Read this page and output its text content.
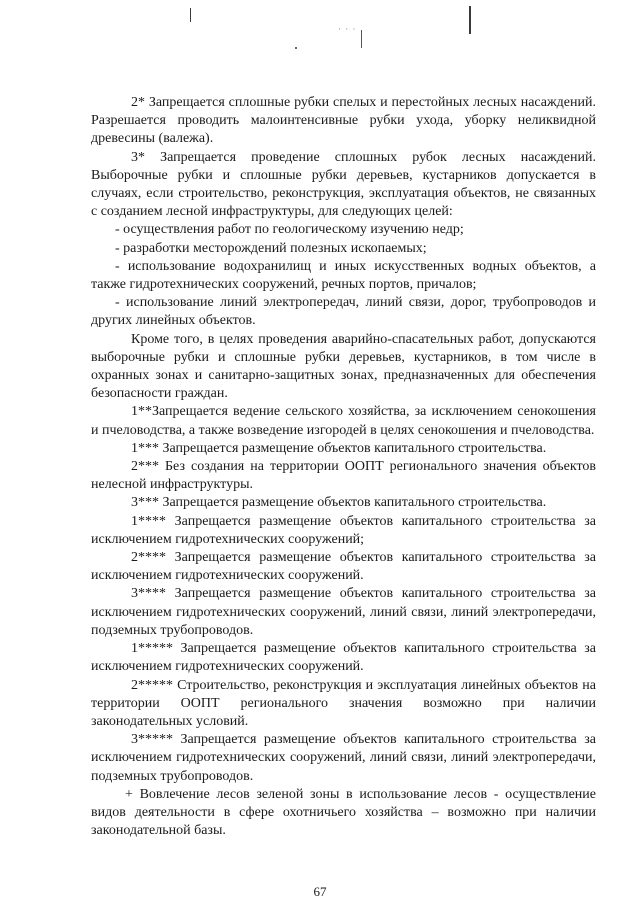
· · ·

2* Запрещается сплошные рубки спелых и перестойных лесных насаждений. Разрешается проводить малоинтенсивные рубки ухода, уборку неликвидной древесины (валежа).

3* Запрещается проведение сплошных рубок лесных насаждений. Выборочные рубки и сплошные рубки деревьев, кустарников допускается в случаях, если строительство, реконструкция, эксплуатация объектов, не связанных с созданием лесной инфраструктуры, для следующих целей:

- осуществления работ по геологическому изучению недр;

- разработки месторождений полезных ископаемых;

- использование водохранилищ и иных искусственных водных объектов, а также гидротехнических сооружений, речных портов, причалов;

- использование линий электропередач, линий связи, дорог, трубопроводов и других линейных объектов.

Кроме того, в целях проведения аварийно-спасательных работ, допускаются выборочные рубки и сплошные рубки деревьев, кустарников, в том числе в охранных зонах и санитарно-защитных зонах, предназначенных для обеспечения безопасности граждан.

1**Запрещается ведение сельского хозяйства, за исключением сенокошения и пчеловодства, а также возведение изгородей в целях сенокошения и пчеловодства.

1*** Запрещается размещение объектов капитального строительства.

2*** Без создания на территории ООПТ регионального значения объектов нелесной инфраструктуры.

3*** Запрещается размещение объектов капитального строительства.

1**** Запрещается размещение объектов капитального строительства за исключением гидротехнических сооружений;

2**** Запрещается размещение объектов капитального строительства за исключением гидротехнических сооружений.

3**** Запрещается размещение объектов капитального строительства за исключением гидротехнических сооружений, линий связи, линий электропередачи, подземных трубопроводов.

1***** Запрещается размещение объектов капитального строительства за исключением гидротехнических сооружений.

2***** Строительство, реконструкция и эксплуатация линейных объектов на территории ООПТ регионального значения возможно при наличии законодательных условий.

3***** Запрещается размещение объектов капитального строительства за исключением гидротехнических сооружений, линий связи, линий электропередачи, подземных трубопроводов.

+ Вовлечение лесов зеленой зоны в использование лесов - осуществление видов деятельности в сфере охотничьего хозяйства – возможно при наличии законодательной базы.

67
